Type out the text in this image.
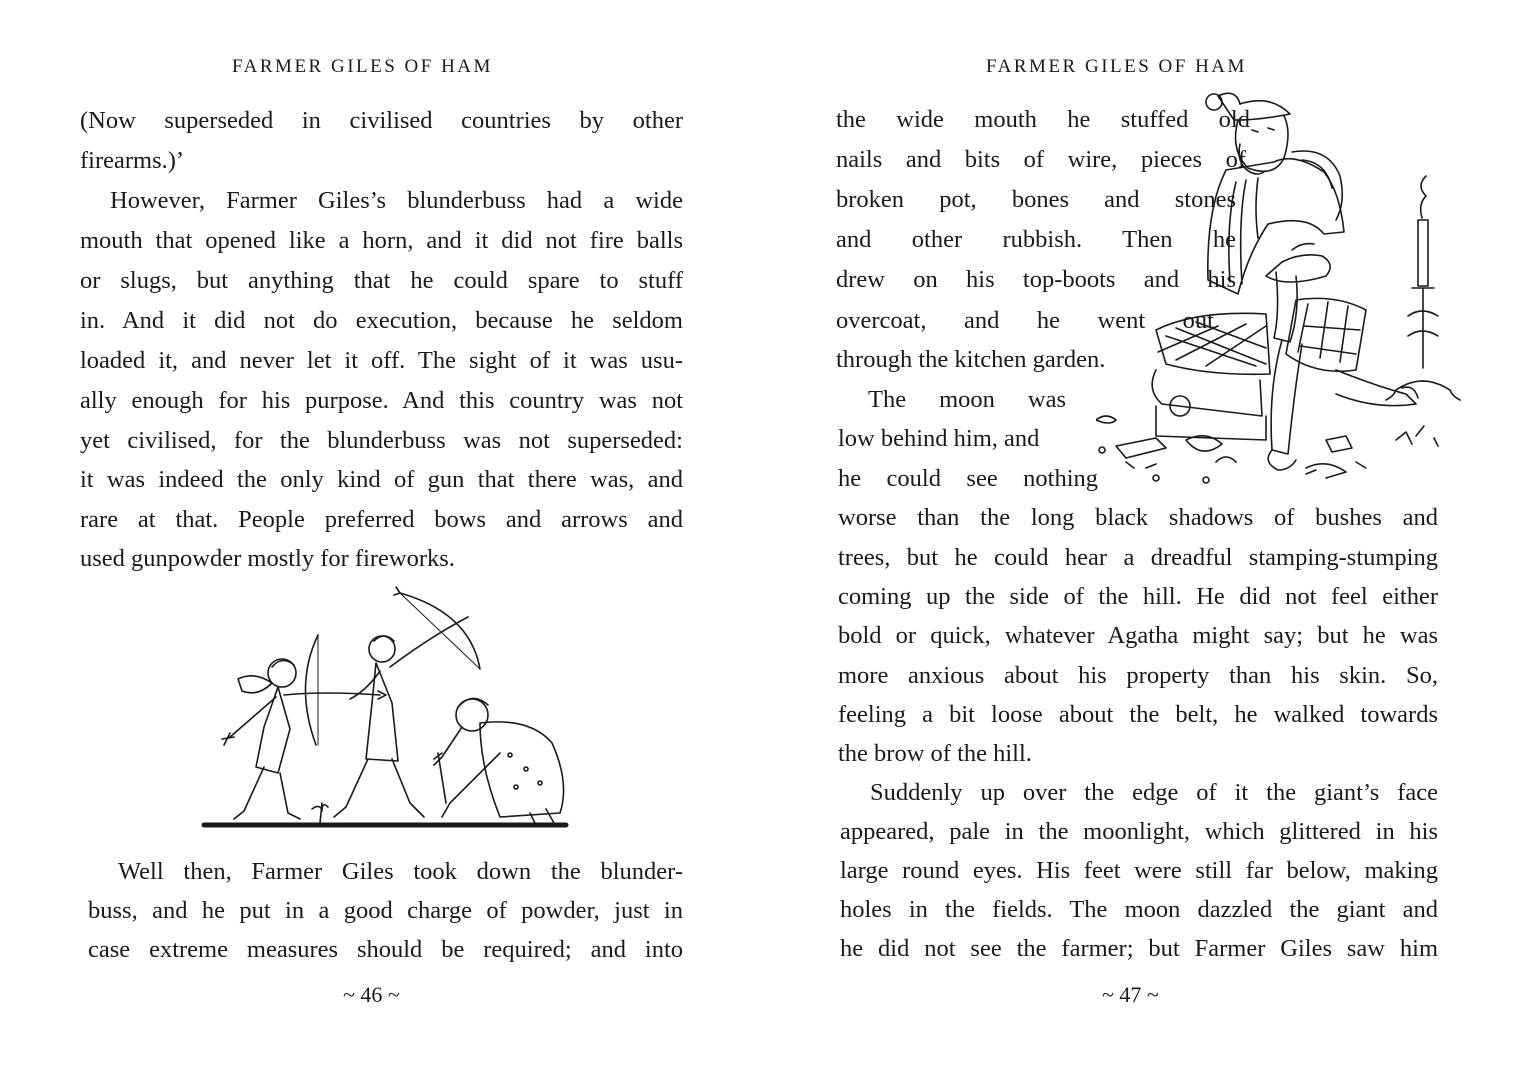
FARMER GILES OF HAM
(Now superseded in civilised countries by other
firearms.)’
However, Farmer Giles’s blunderbuss had a wide
mouth that opened like a horn, and it did not fire balls
or slugs, but anything that he could spare to stuff
in. And it did not do execution, because he seldom
loaded it, and never let it off. The sight of it was usu-
ally enough for his purpose. And this country was not
yet civilised, for the blunderbuss was not superseded:
it was indeed the only kind of gun that there was, and
rare at that. People preferred bows and arrows and
used gunpowder mostly for fireworks.
Well then, Farmer Giles took down the blunder-
buss, and he put in a good charge of powder, just in
case extreme measures should be required; and into
~ 46 ~
FARMER GILES OF HAM
the wide mouth he stuffed old
nails and bits of wire, pieces of
broken pot, bones and stones
and other rubbish. Then he
drew on his top-boots and his
overcoat, and he went out
through the kitchen garden.
The moon was
low behind him, and
he could see nothing
worse than the long black shadows of bushes and
trees, but he could hear a dreadful stamping-stumping
coming up the side of the hill. He did not feel either
bold or quick, whatever Agatha might say; but he was
more anxious about his property than his skin. So,
feeling a bit loose about the belt, he walked towards
the brow of the hill.
Suddenly up over the edge of it the giant’s face
appeared, pale in the moonlight, which glittered in his
large round eyes. His feet were still far below, making
holes in the fields. The moon dazzled the giant and
he did not see the farmer; but Farmer Giles saw him
~ 47 ~
